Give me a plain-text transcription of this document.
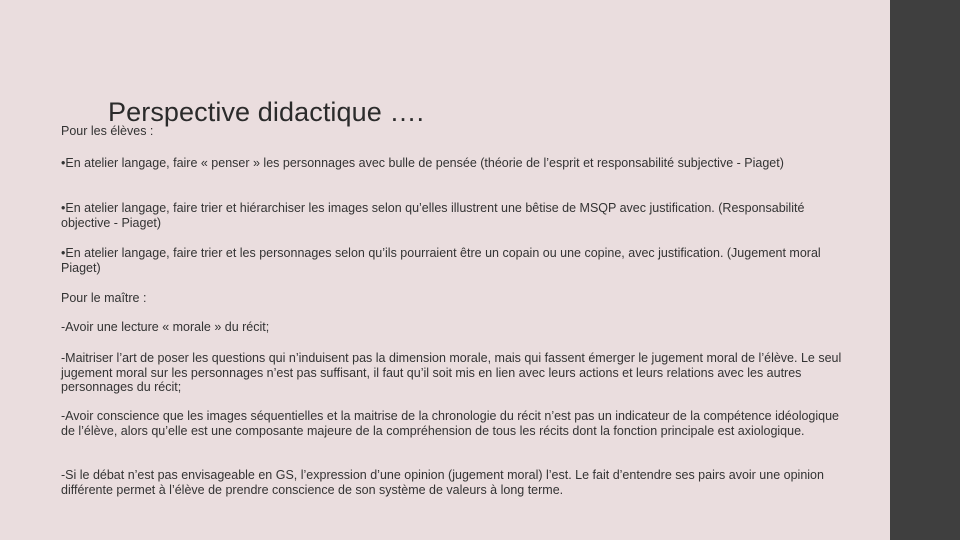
Perspective didactique ….

Pour les élèves :

•En atelier langage, faire « penser » les personnages avec bulle de pensée (théorie de l’esprit et responsabilité subjective - Piaget)

•En atelier langage, faire trier et hiérarchiser les images selon qu’elles illustrent une bêtise de MSQP avec justification. (Responsabilité objective - Piaget)

•En atelier langage, faire trier et les personnages selon qu’ils pourraient être un copain ou une copine, avec justification. (Jugement moral Piaget)

Pour le maître :

-Avoir une lecture « morale » du récit;

-Maitriser l’art de poser les questions qui n’induisent pas la dimension morale, mais qui fassent émerger le jugement moral de l’élève. Le seul jugement moral sur les personnages n’est pas suffisant, il faut qu’il soit mis en lien avec leurs actions et leurs relations avec les autres personnages du récit;

-Avoir conscience que les images séquentielles et la maitrise de la chronologie du récit n’est pas un indicateur de la compétence idéologique de l’élève, alors qu’elle est une composante majeure de la compréhension de tous les récits dont la fonction principale est axiologique.

-Si le débat n’est pas envisageable en GS, l’expression d’une opinion (jugement moral) l’est. Le fait d’entendre ses pairs avoir une opinion différente permet à l’élève de prendre conscience de son système de valeurs à long terme.
